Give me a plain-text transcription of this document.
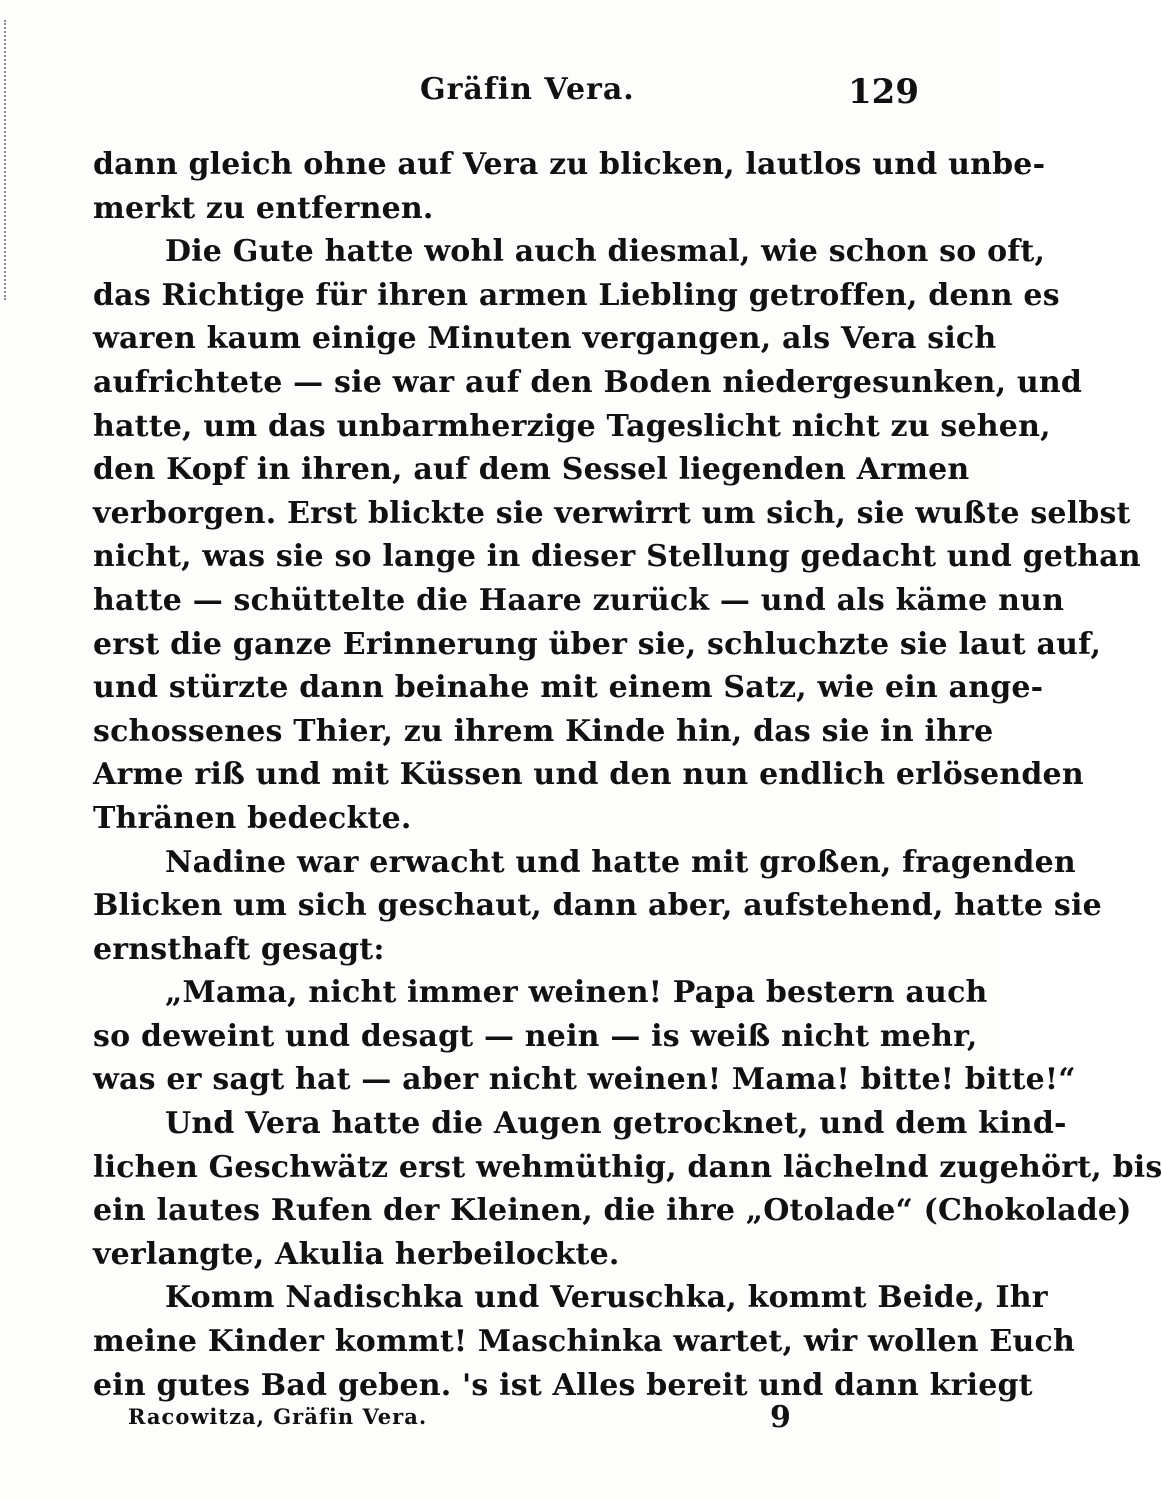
Gräfin Vera.	129
dann gleich ohne auf Vera zu blicken, lautlos und unbe-
merkt zu entfernen.
Die Gute hatte wohl auch diesmal, wie schon so oft,
das Richtige für ihren armen Liebling getroffen, denn es
waren kaum einige Minuten vergangen, als Vera sich
aufrichtete — sie war auf den Boden niedergesunken, und
hatte, um das unbarmherzige Tageslicht nicht zu sehen,
den Kopf in ihren, auf dem Sessel liegenden Armen
verborgen. Erst blickte sie verwirrt um sich, sie wußte selbst
nicht, was sie so lange in dieser Stellung gedacht und gethan
hatte — schüttelte die Haare zurück — und als käme nun
erst die ganze Erinnerung über sie, schluchzte sie laut auf,
und stürzte dann beinahe mit einem Satz, wie ein ange-
schossenes Thier, zu ihrem Kinde hin, das sie in ihre
Arme riß und mit Küssen und den nun endlich erlösenden
Thränen bedeckte.
Nadine war erwacht und hatte mit großen, fragenden
Blicken um sich geschaut, dann aber, aufstehend, hatte sie
ernsthaft gesagt:
„Mama, nicht immer weinen! Papa bestern auch
so deweint und desagt — nein — is weiß nicht mehr,
was er sagt hat — aber nicht weinen! Mama! bitte! bitte!“
Und Vera hatte die Augen getrocknet, und dem kind-
lichen Geschwätz erst wehmüthig, dann lächelnd zugehört, bis
ein lautes Rufen der Kleinen, die ihre „Otolade“ (Chokolade)
verlangte, Akulia herbeilockte.
Komm Nadischka und Veruschka, kommt Beide, Ihr
meine Kinder kommt! Maschinka wartet, wir wollen Euch
ein gutes Bad geben. 's ist Alles bereit und dann kriegt
Racowitza, Gräfin Vera.	9
